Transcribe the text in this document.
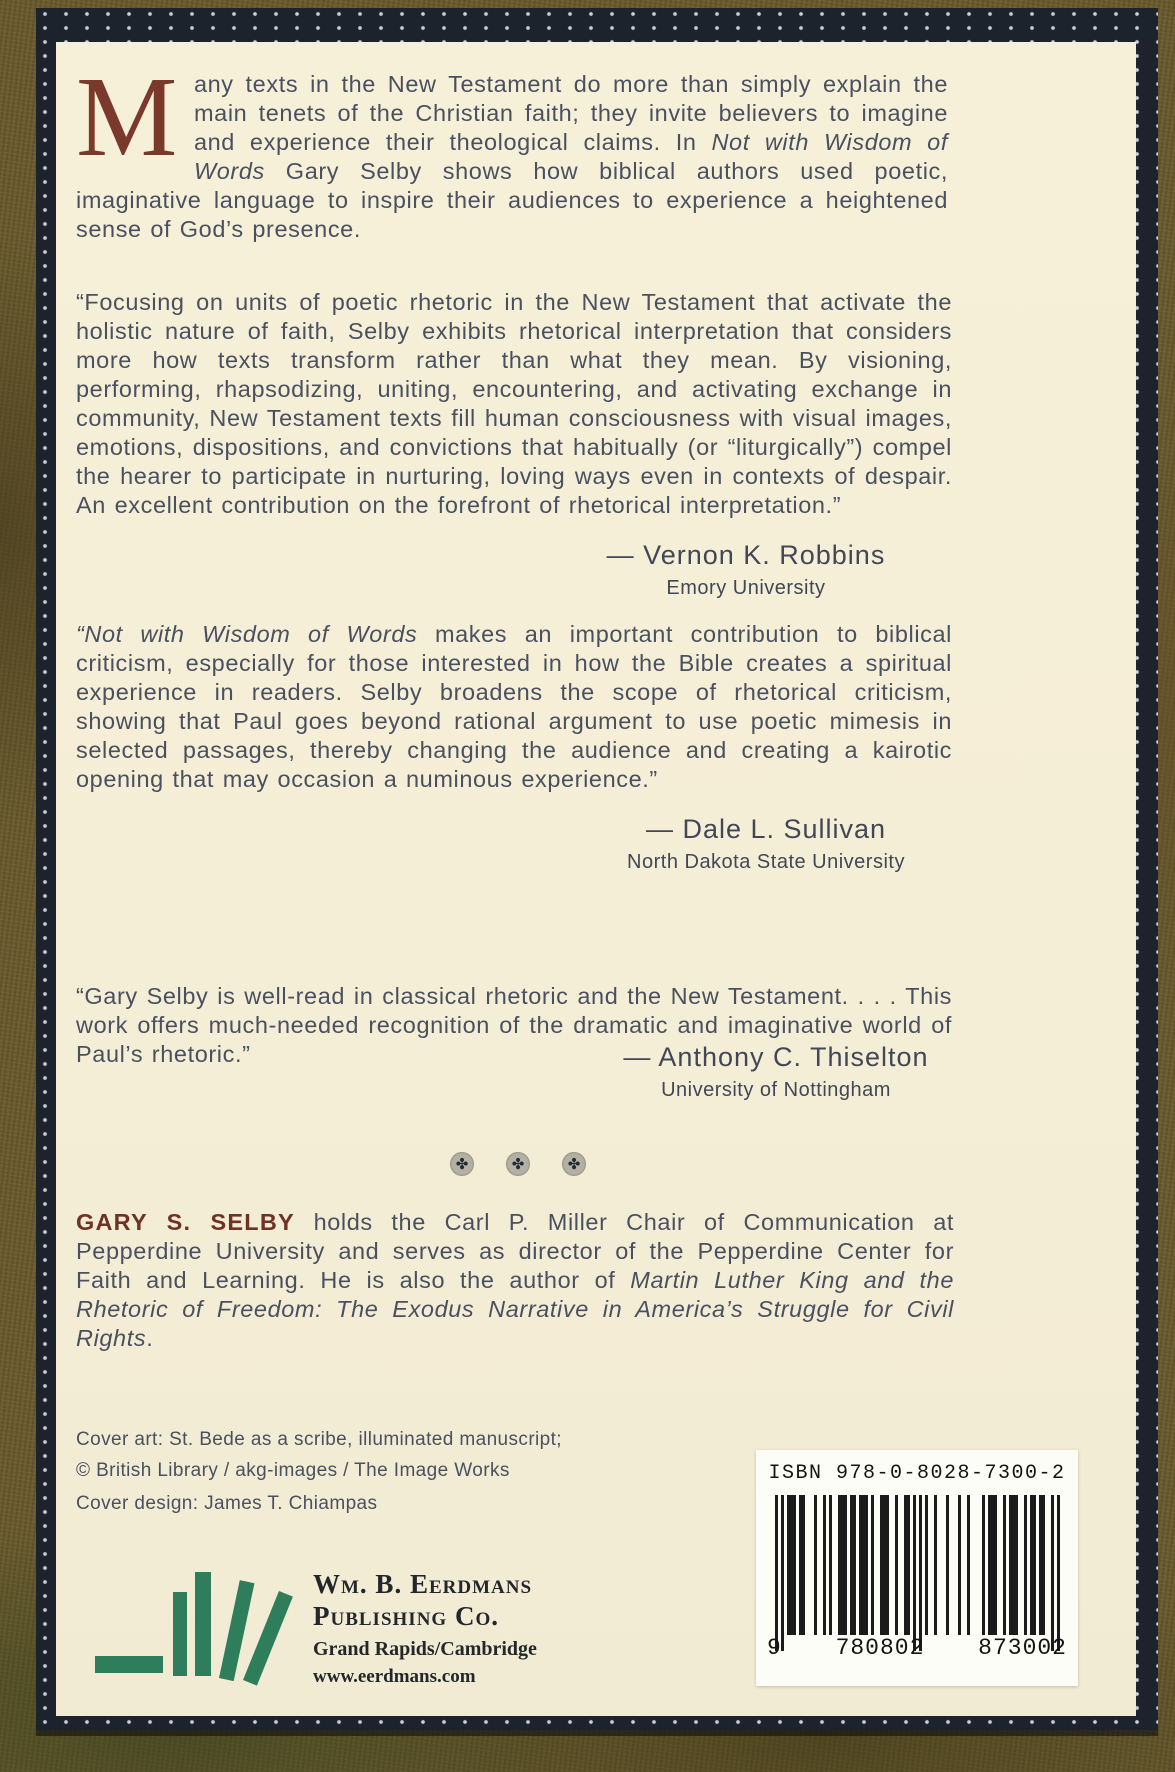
M any texts in the New Testament do more than simply explain the main tenets of the Christian faith; they invite believers to imagine and experience their theological claims. In Not with Wisdom of Words Gary Selby shows how biblical authors used poetic, imaginative language to inspire their audiences to experience a heightened sense of God’s presence.

“Focusing on units of poetic rhetoric in the New Testament that activate the holistic nature of faith, Selby exhibits rhetorical interpretation that considers more how texts transform rather than what they mean. By visioning, performing, rhapsodizing, uniting, encountering, and activating exchange in community, New Testament texts fill human consciousness with visual images, emotions, dispositions, and convictions that habitually (or “liturgically”) compel the hearer to participate in nurturing, loving ways even in contexts of despair. An excellent contribution on the forefront of rhetorical interpretation.”

— Vernon K. Robbins
Emory University

“Not with Wisdom of Words makes an important contribution to biblical criticism, especially for those interested in how the Bible creates a spiritual experience in readers. Selby broadens the scope of rhetorical criticism, showing that Paul goes beyond rational argument to use poetic mimesis in selected passages, thereby changing the audience and creating a kairotic opening that may occasion a numinous experience.”

— Dale L. Sullivan
North Dakota State University

“Gary Selby is well-read in classical rhetoric and the New Testament. . . . This work offers much-needed recognition of the dramatic and imaginative world of Paul’s rhetoric.”	— Anthony C. Thiselton
University of Nottingham
✤	✤	✤

GARY S. SELBY holds the Carl P. Miller Chair of Communication at Pepperdine University and serves as director of the Pepperdine Center for Faith and Learning. He is also the author of Martin Luther King and the Rhetoric of Freedom: The Exodus Narrative in America’s Struggle for Civil Rights.

Cover art: St. Bede as a scribe, illuminated manuscript;
© British Library / akg-images / The Image Works
Cover design: James T. Chiampas
ISBN 978-0-8028-7300-2
9 780802 873002
Wm. B. Eerdmans
Publishing Co.
Grand Rapids/Cambridge
www.eerdmans.com
